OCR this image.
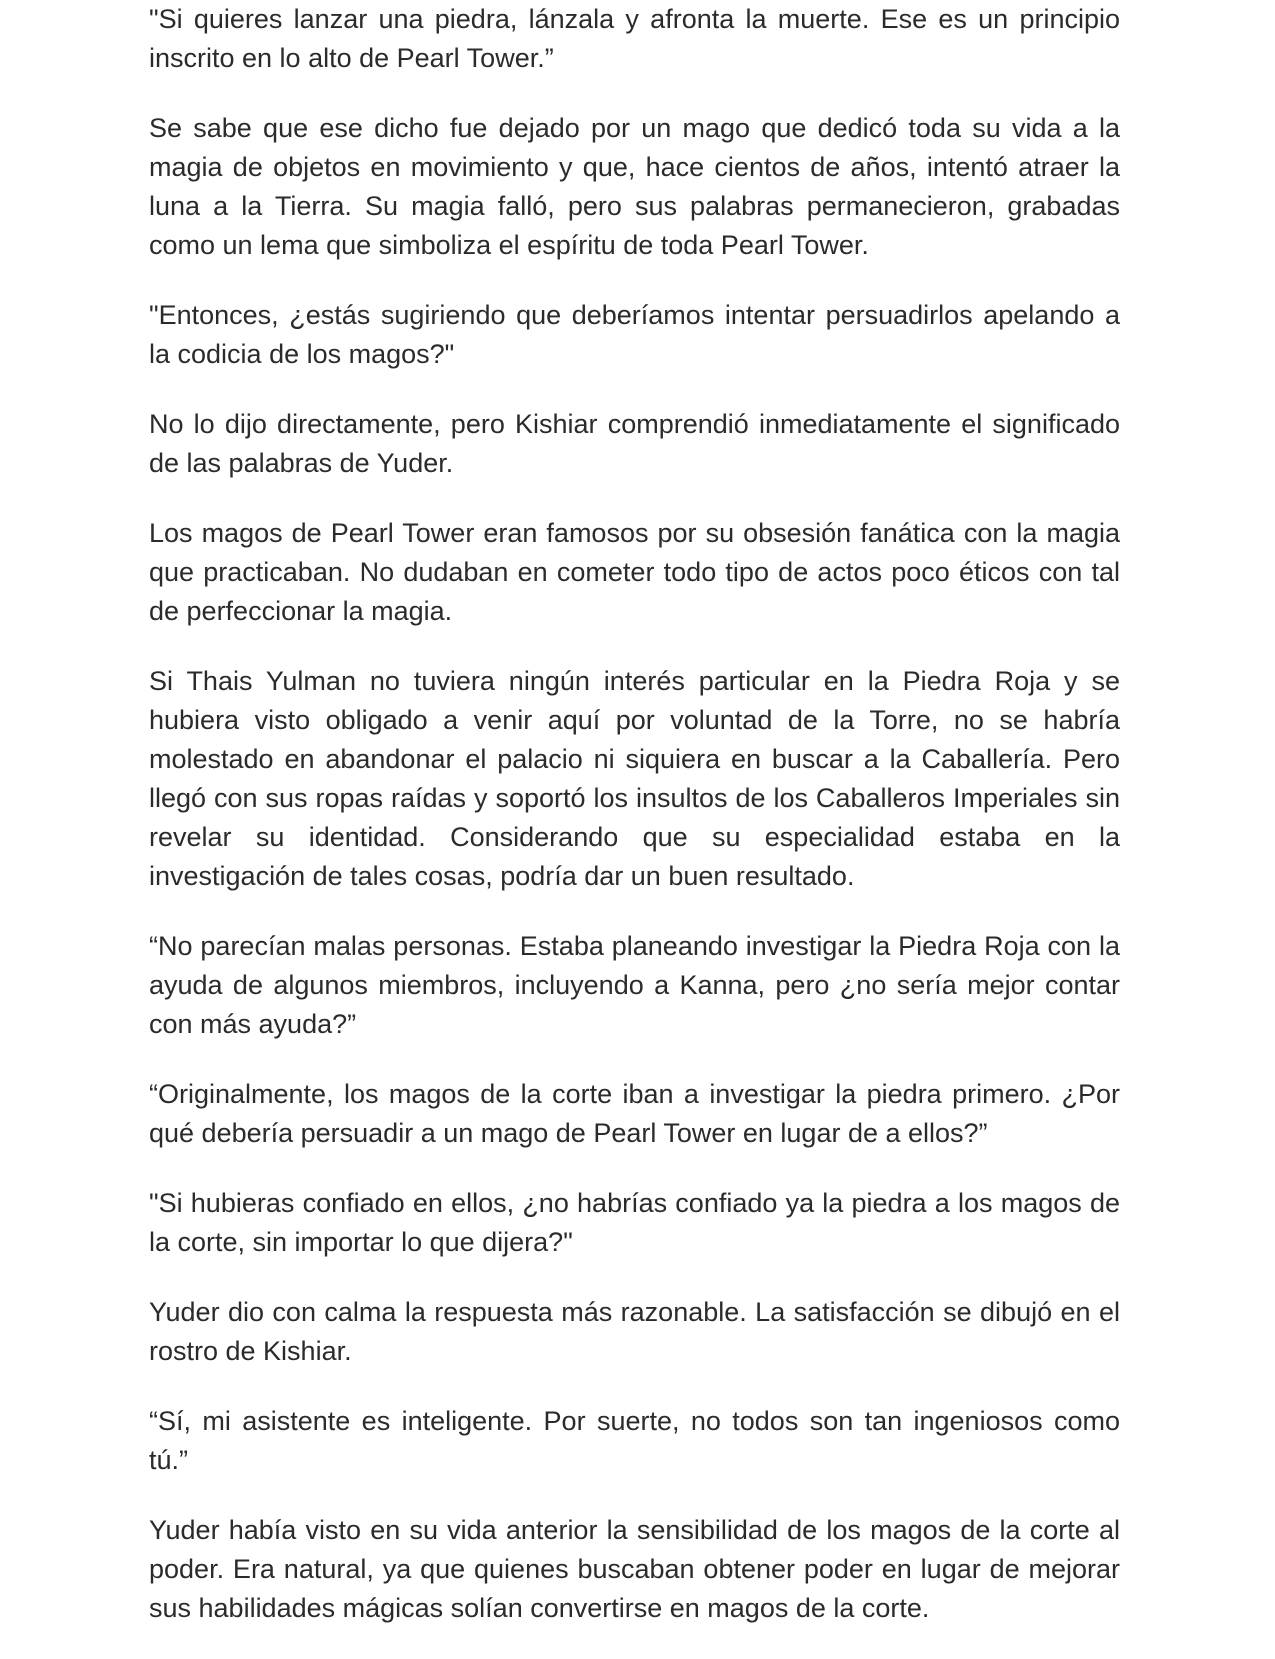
"Si quieres lanzar una piedra, lánzala y afronta la muerte. Ese es un principio inscrito en lo alto de Pearl Tower.”

Se sabe que ese dicho fue dejado por un mago que dedicó toda su vida a la magia de objetos en movimiento y que, hace cientos de años, intentó atraer la luna a la Tierra. Su magia falló, pero sus palabras permanecieron, grabadas como un lema que simboliza el espíritu de toda Pearl Tower.

"Entonces, ¿estás sugiriendo que deberíamos intentar persuadirlos apelando a la codicia de los magos?"

No lo dijo directamente, pero Kishiar comprendió inmediatamente el significado de las palabras de Yuder.

Los magos de Pearl Tower eran famosos por su obsesión fanática con la magia que practicaban. No dudaban en cometer todo tipo de actos poco éticos con tal de perfeccionar la magia.

Si Thais Yulman no tuviera ningún interés particular en la Piedra Roja y se hubiera visto obligado a venir aquí por voluntad de la Torre, no se habría molestado en abandonar el palacio ni siquiera en buscar a la Caballería. Pero llegó con sus ropas raídas y soportó los insultos de los Caballeros Imperiales sin revelar su identidad. Considerando que su especialidad estaba en la investigación de tales cosas, podría dar un buen resultado.

“No parecían malas personas. Estaba planeando investigar la Piedra Roja con la ayuda de algunos miembros, incluyendo a Kanna, pero ¿no sería mejor contar con más ayuda?”

“Originalmente, los magos de la corte iban a investigar la piedra primero. ¿Por qué debería persuadir a un mago de Pearl Tower en lugar de a ellos?”

"Si hubieras confiado en ellos, ¿no habrías confiado ya la piedra a los magos de la corte, sin importar lo que dijera?"

Yuder dio con calma la respuesta más razonable. La satisfacción se dibujó en el rostro de Kishiar.

“Sí, mi asistente es inteligente. Por suerte, no todos son tan ingeniosos como tú.”

Yuder había visto en su vida anterior la sensibilidad de los magos de la corte al poder. Era natural, ya que quienes buscaban obtener poder en lugar de mejorar sus habilidades mágicas solían convertirse en magos de la corte.
